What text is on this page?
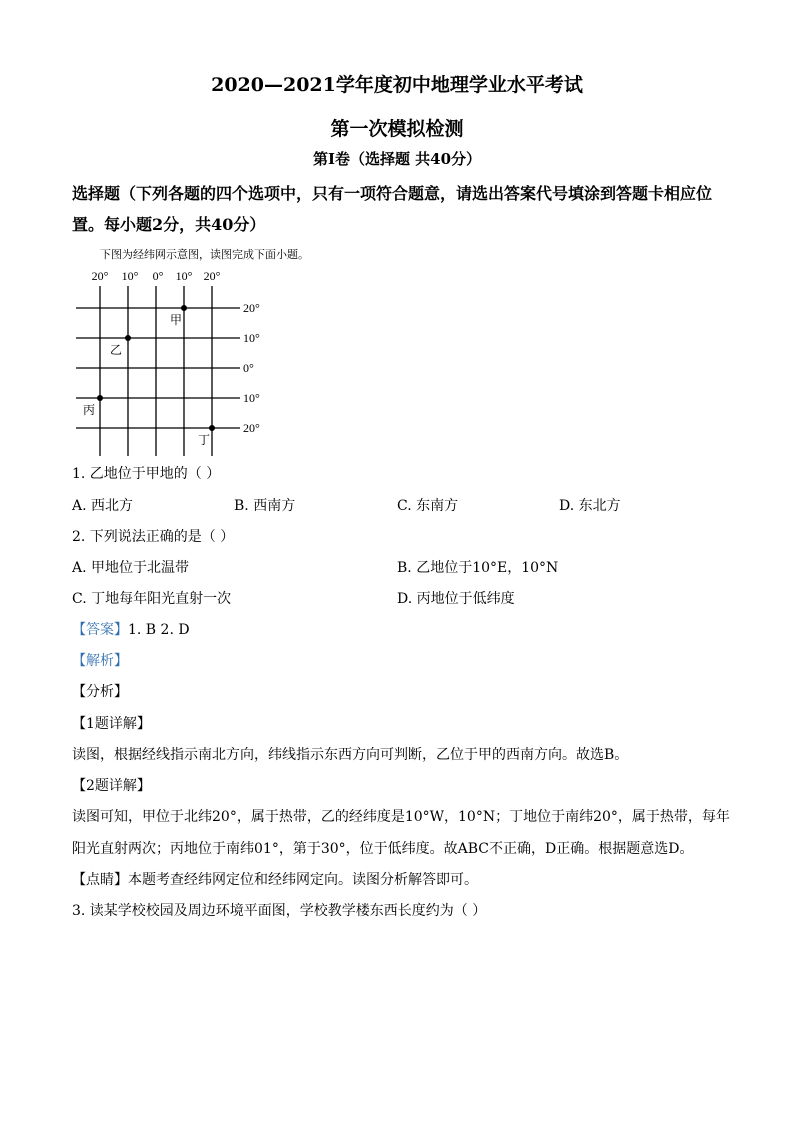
2020—2021学年度初中地理学业水平考试
第一次模拟检测
第Ⅰ卷（选择题 共40分）
选择题（下列各题的四个选项中，只有一项符合题意，请选出答案代号填涂到答题卡相应位
置。每小题2分，共40分）
下图为经纬网示意图，读图完成下面小题。
20° 10° 0° 10° 20°
20°
10°
0°
10°
20°
甲
乙
丙
丁
1. 乙地位于甲地的（ ）
A. 西北方	B. 西南方	C. 东南方	D. 东北方
2. 下列说法正确的是（ ）
A. 甲地位于北温带	B. 乙地位于10°E，10°N
C. 丁地每年阳光直射一次	D. 丙地位于低纬度
【答案】1. B 2. D
【解析】
【分析】
【1题详解】
读图，根据经线指示南北方向，纬线指示东西方向可判断，乙位于甲的西南方向。故选B。
【2题详解】
读图可知，甲位于北纬20°，属于热带，乙的经纬度是10°W，10°N；丁地位于南纬20°，属于热带，每年
阳光直射两次；丙地位于南纬01°，第于30°，位于低纬度。故ABC不正确，D正确。根据题意选D。
【点睛】本题考查经纬网定位和经纬网定向。读图分析解答即可。
3. 读某学校校园及周边环境平面图，学校教学楼东西长度约为（ ）
